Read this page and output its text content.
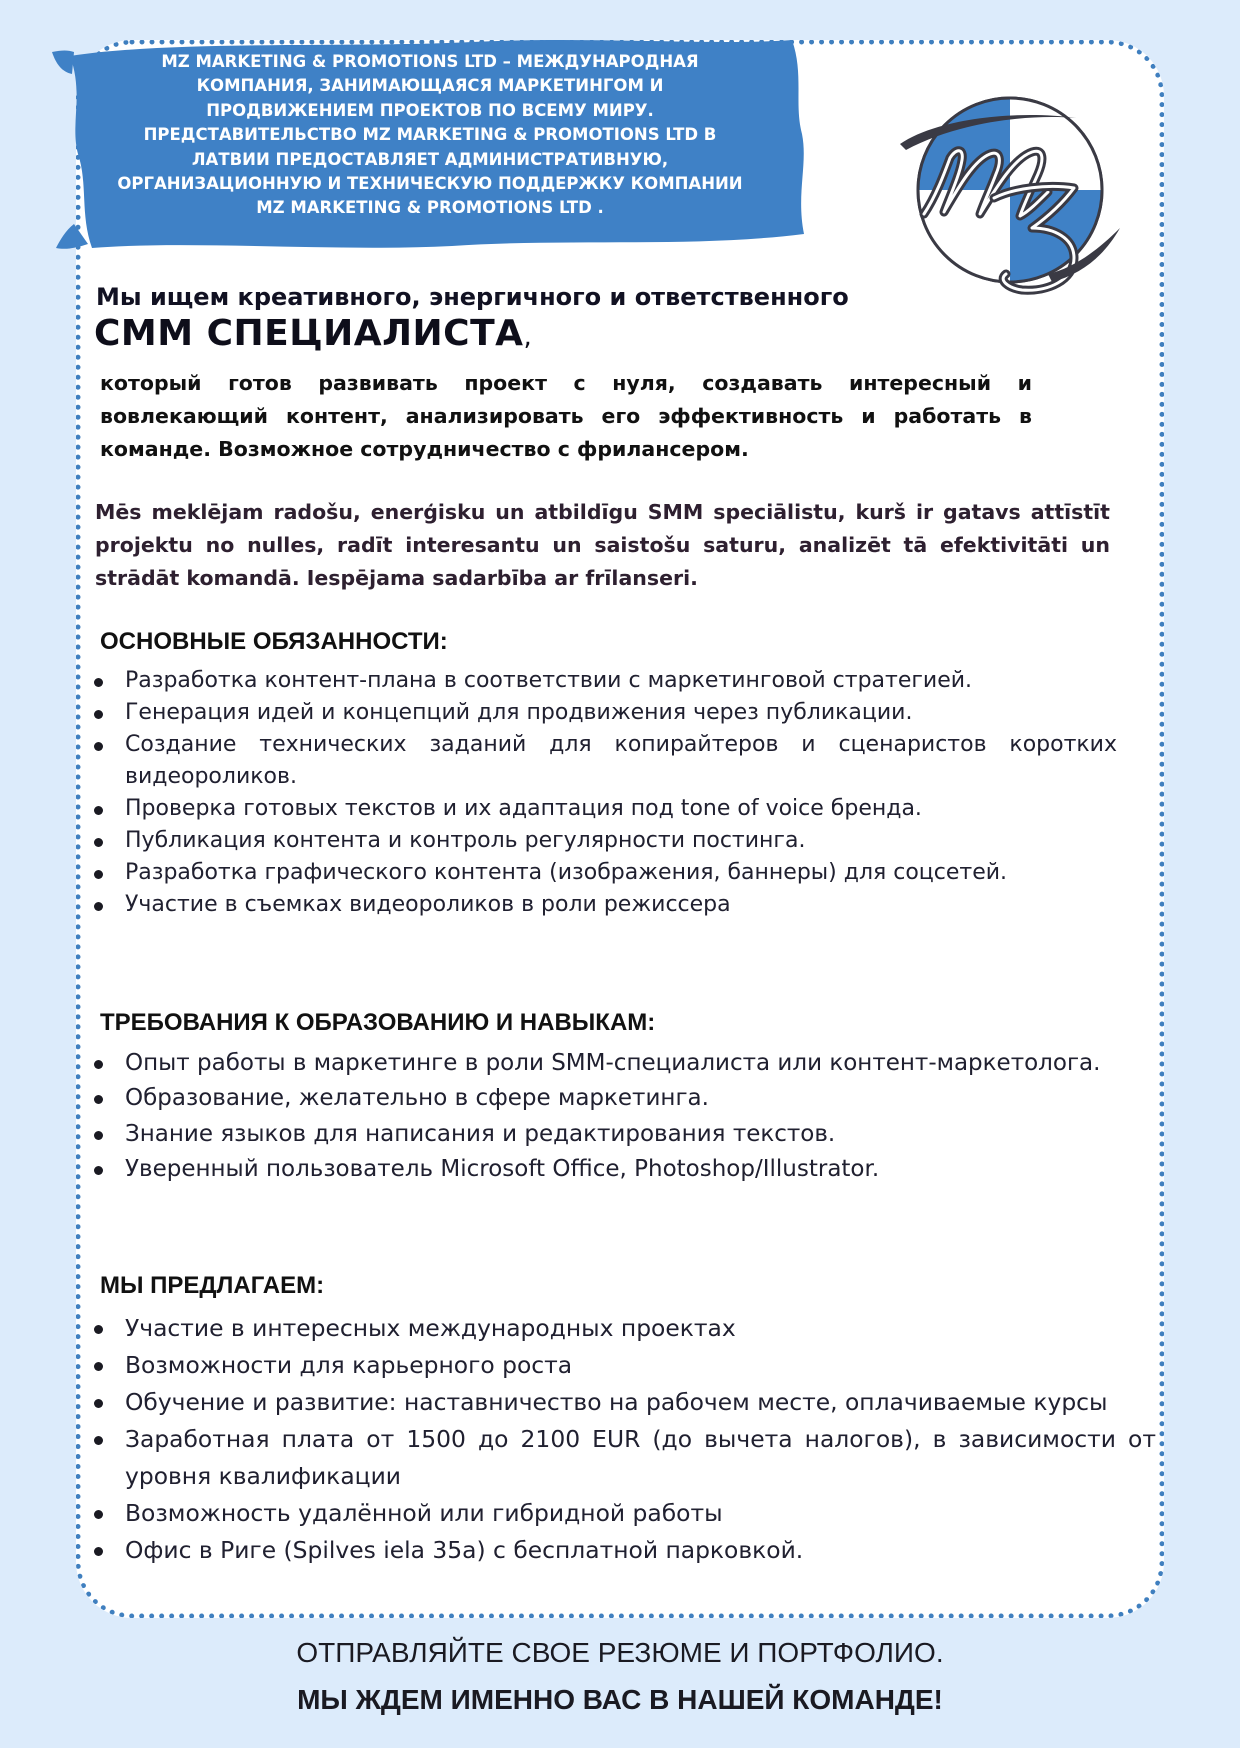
MZ MARKETING & PROMOTIONS LTD – МЕЖДУНАРОДНАЯ
КОМПАНИЯ, ЗАНИМАЮЩАЯСЯ МАРКЕТИНГОМ И
ПРОДВИЖЕНИЕМ ПРОЕКТОВ ПО ВСЕМУ МИРУ.
ПРЕДСТАВИТЕЛЬСТВО MZ MARKETING & PROMOTIONS LTD В
ЛАТВИИ ПРЕДОСТАВЛЯЕТ АДМИНИСТРАТИВНУЮ,
ОРГАНИЗАЦИОННУЮ И ТЕХНИЧЕСКУЮ ПОДДЕРЖКУ КОМПАНИИ
MZ MARKETING & PROMOTIONS LTD .
Мы ищем креативного, энергичного и ответственного
СММ СПЕЦИАЛИСТА,

который готов развивать проект с нуля, создавать интересный и вовлекающий контент, анализировать его эффективность и работать в команде. Возможное сотрудничество с фрилансером.

Mēs meklējam radošu, enerģisku un atbildīgu SMM speciālistu, kurš ir gatavs attīstīt projektu no nulles, radīt interesantu un saistošu saturu, analizēt tā efektivitāti un strādāt komandā. Iespējama sadarbība ar frīlanseri.

ОСНОВНЫЕ ОБЯЗАННОСТИ:
Разработка контент-плана в соответствии с маркетинговой стратегией.
Генерация идей и концепций для продвижения через публикации.
Создание технических заданий для копирайтеров и сценаристов коротких видеороликов.
Проверка готовых текстов и их адаптация под tone of voice бренда.
Публикация контента и контроль регулярности постинга.
Разработка графического контента (изображения, баннеры) для соцсетей.
Участие в съемках видеороликов в роли режиссера
ТРЕБОВАНИЯ К ОБРАЗОВАНИЮ И НАВЫКАМ:
Опыт работы в маркетинге в роли SMM-специалиста или контент-маркетолога.
Образование, желательно в сфере маркетинга.
Знание языков для написания и редактирования текстов.
Уверенный пользователь Microsoft Office, Photoshop/Illustrator.
МЫ ПРЕДЛАГАЕМ:
Участие в интересных международных проектах
Возможности для карьерного роста
Обучение и развитие: наставничество на рабочем месте, оплачиваемые курсы
Заработная плата от 1500 до 2100 EUR (до вычета налогов), в зависимости от уровня квалификации
Возможность удалённой или гибридной работы
Офис в Риге (Spilves iela 35a) с бесплатной парковкой.
ОТПРАВЛЯЙТЕ СВОЕ РЕЗЮМЕ И ПОРТФОЛИО.
МЫ ЖДЕМ ИМЕННО ВАС В НАШЕЙ КОМАНДЕ!
